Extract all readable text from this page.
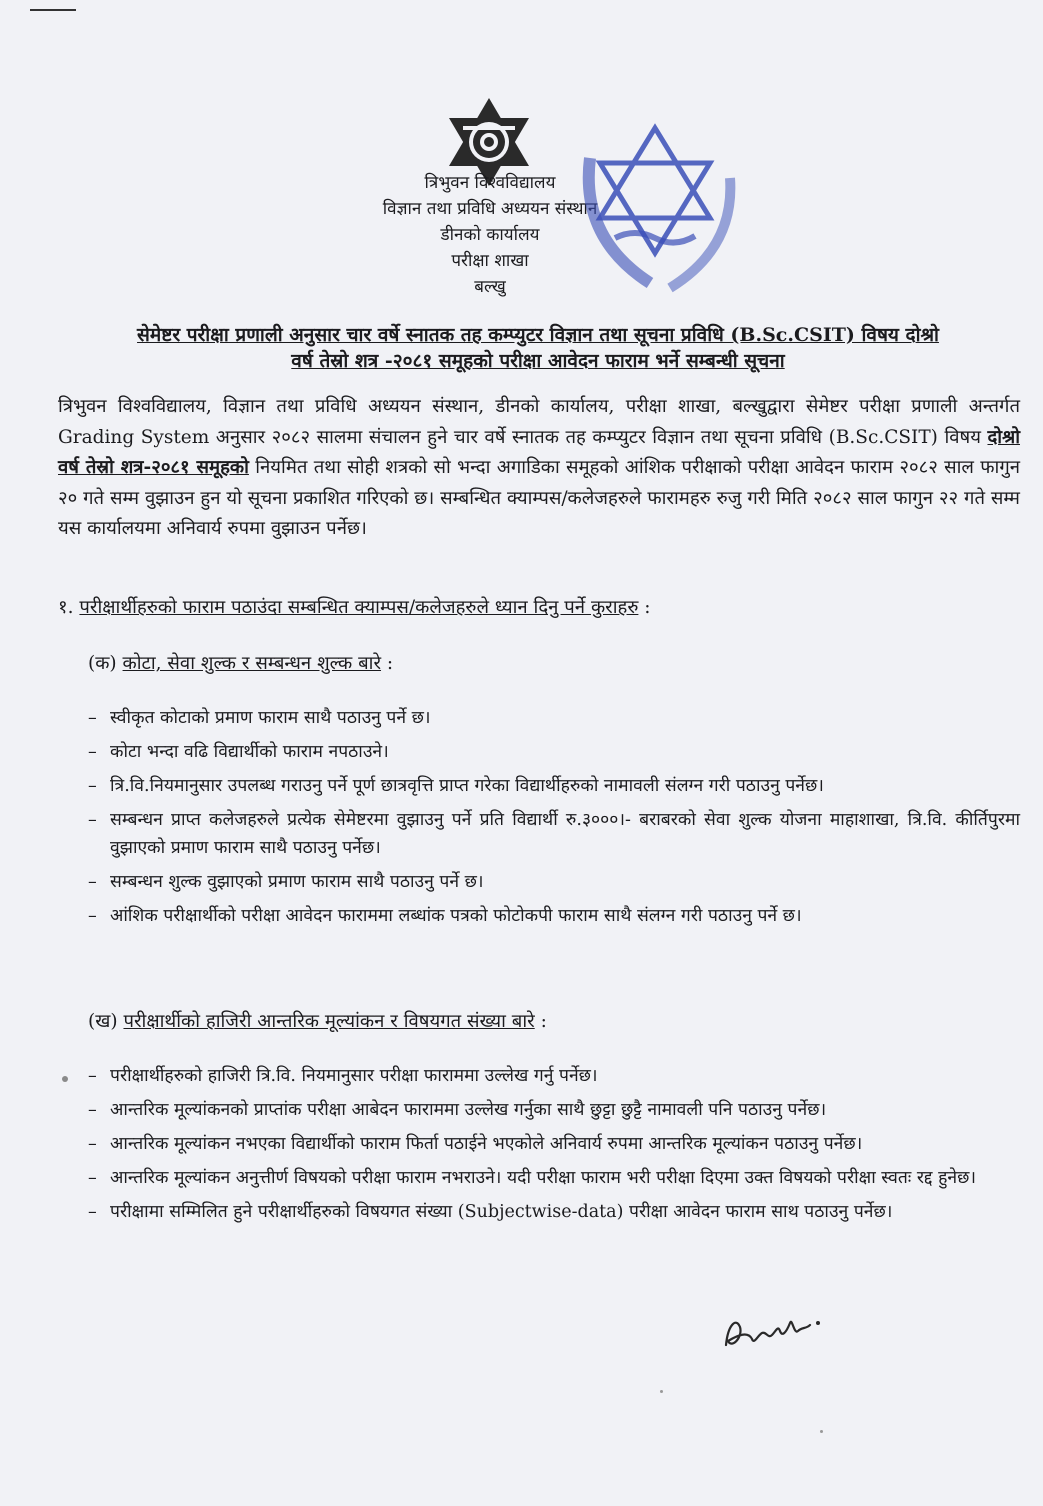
त्रिभुवन विश्वविद्यालय
विज्ञान तथा प्रविधि अध्ययन संस्थान
डीनको कार्यालय
परीक्षा शाखा
बल्खु
सेमेष्टर परीक्षा प्रणाली अनुसार चार वर्षे स्नातक तह कम्प्युटर विज्ञान तथा सूचना प्रविधि (B.Sc.CSIT) विषय दोश्रो
वर्ष तेस्रो शत्र -२०८१ समूहको परीक्षा आवेदन फाराम भर्ने सम्बन्धी सूचना
त्रिभुवन विश्वविद्यालय, विज्ञान तथा प्रविधि अध्ययन संस्थान, डीनको कार्यालय, परीक्षा शाखा, बल्खुद्वारा सेमेष्टर परीक्षा प्रणाली अन्तर्गत Grading System अनुसार २०८२ सालमा संचालन हुने चार वर्षे स्नातक तह कम्प्युटर विज्ञान तथा सूचना प्रविधि (B.Sc.CSIT) विषय दोश्रो वर्ष तेस्रो शत्र-२०८१ समूहको नियमित तथा सोही शत्रको सो भन्दा अगाडिका समूहको आंशिक परीक्षाको परीक्षा आवेदन फाराम २०८२ साल फागुन २० गते सम्म वुझाउन हुन यो सूचना प्रकाशित गरिएको छ। सम्बन्धित क्याम्पस/कलेजहरुले फारामहरु रुजु गरी मिति २०८२ साल फागुन २२ गते सम्म यस कार्यालयमा अनिवार्य रुपमा वुझाउन पर्नेछ।
१. परीक्षार्थीहरुको फाराम पठाउंदा सम्बन्धित क्याम्पस/कलेजहरुले ध्यान दिनु पर्ने कुराहरु :
(क) कोटा, सेवा शुल्क र सम्बन्धन शुल्क बारे :
– स्वीकृत कोटाको प्रमाण फाराम साथै पठाउनु पर्ने छ।
– कोटा भन्दा वढि विद्यार्थीको फाराम नपठाउने।
– त्रि.वि.नियमानुसार उपलब्ध गराउनु पर्ने पूर्ण छात्रवृत्ति प्राप्त गरेका विद्यार्थीहरुको नामावली संलग्न गरी पठाउनु पर्नेछ।
– सम्बन्धन प्राप्त कलेजहरुले प्रत्येक सेमेष्टरमा वुझाउनु पर्ने प्रति विद्यार्थी रु.३०००।- बराबरको सेवा शुल्क योजना माहाशाखा, त्रि.वि. कीर्तिपुरमा वुझाएको प्रमाण फाराम साथै पठाउनु पर्नेछ।
– सम्बन्धन शुल्क वुझाएको प्रमाण फाराम साथै पठाउनु पर्ने छ।
– आंशिक परीक्षार्थीको परीक्षा आवेदन फाराममा लब्धांक पत्रको फोटोकपी फाराम साथै संलग्न गरी पठाउनु पर्ने छ।
(ख) परीक्षार्थीको हाजिरी आन्तरिक मूल्यांकन र विषयगत संख्या बारे :
– परीक्षार्थीहरुको हाजिरी त्रि.वि. नियमानुसार परीक्षा फाराममा उल्लेख गर्नु पर्नेछ।
– आन्तरिक मूल्यांकनको प्राप्तांक परीक्षा आबेदन फाराममा उल्लेख गर्नुका साथै छुट्टा छुट्टै नामावली पनि पठाउनु पर्नेछ।
– आन्तरिक मूल्यांकन नभएका विद्यार्थीको फाराम फिर्ता पठाईने भएकोले अनिवार्य रुपमा आन्तरिक मूल्यांकन पठाउनु पर्नेछ।
– आन्तरिक मूल्यांकन अनुत्तीर्ण विषयको परीक्षा फाराम नभराउने। यदी परीक्षा फाराम भरी परीक्षा दिएमा उक्त विषयको परीक्षा स्वतः रद्द हुनेछ।
– परीक्षामा सम्मिलित हुने परीक्षार्थीहरुको विषयगत संख्या (Subjectwise-data) परीक्षा आवेदन फाराम साथ पठाउनु पर्नेछ।
